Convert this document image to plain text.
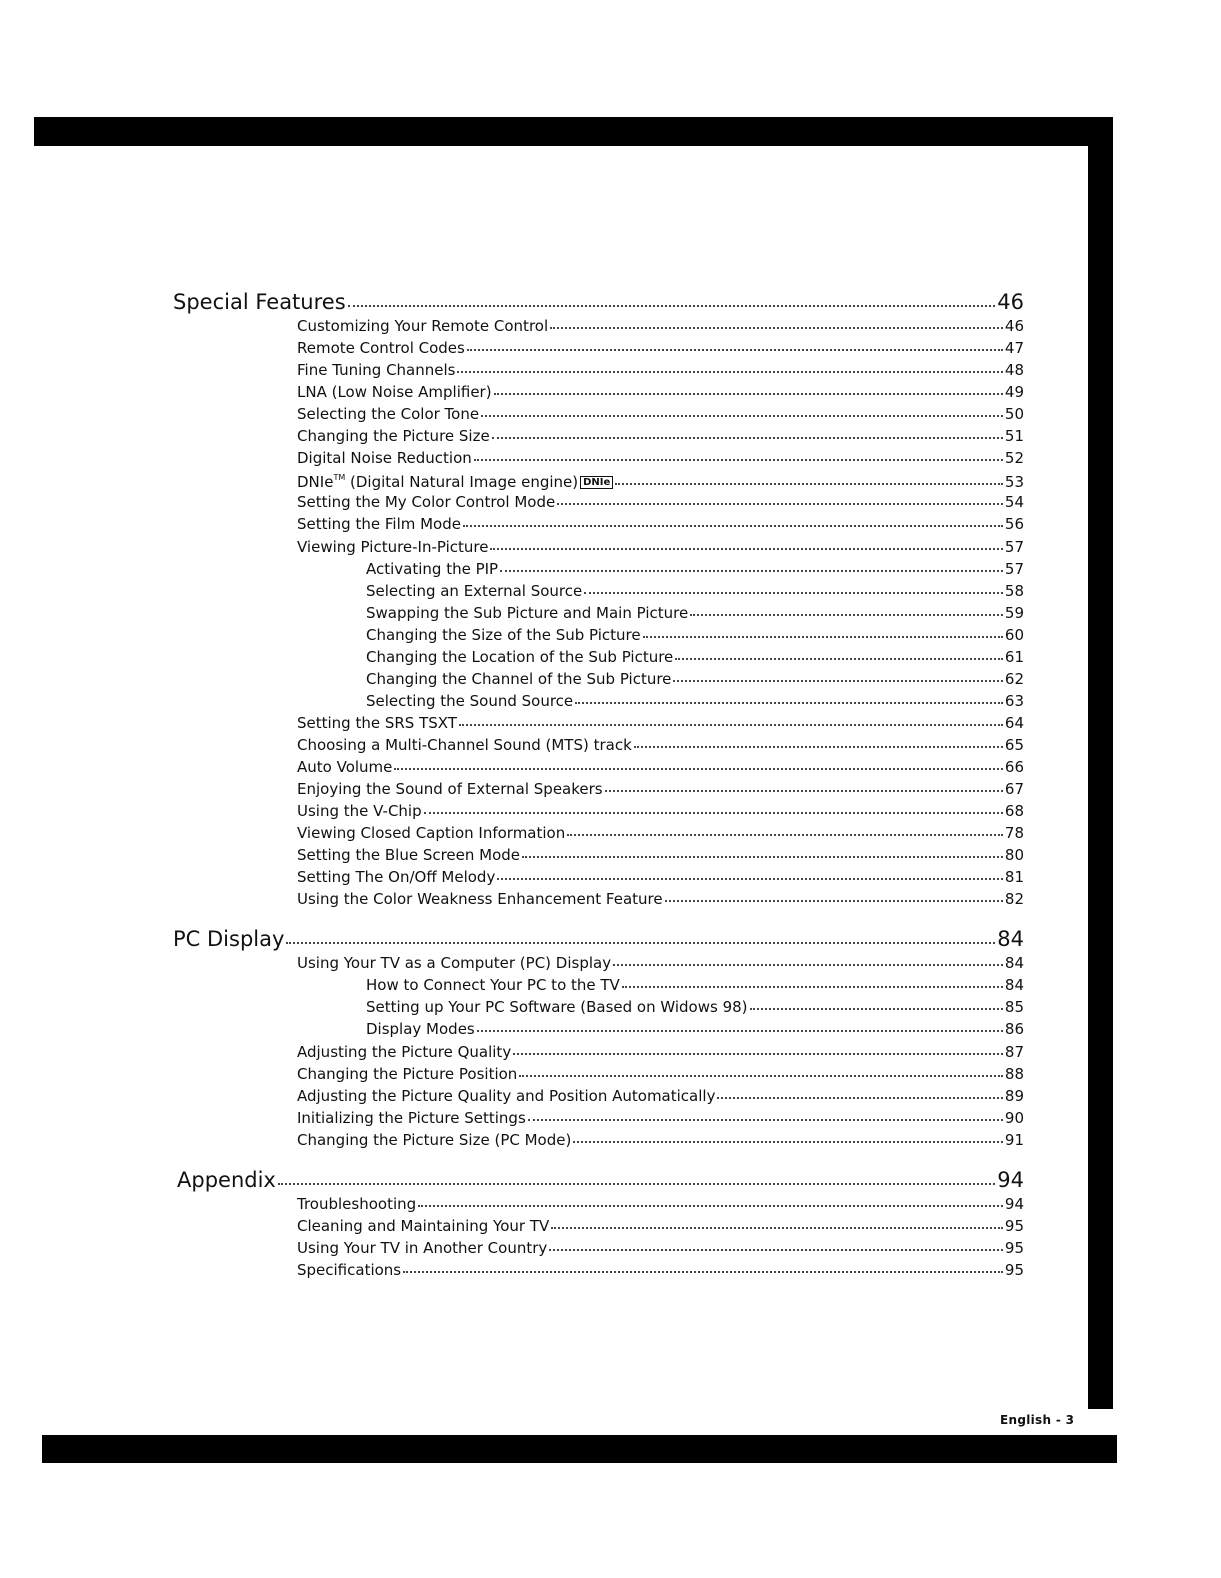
English - 3
Special Features	46
Customizing Your Remote Control	46
Remote Control Codes	47
Fine Tuning Channels	48
LNA (Low Noise Amplifier)	49
Selecting the Color Tone	50
Changing the Picture Size	51
Digital Noise Reduction	52
DNIe™ (Digital Natural Image engine) DNIe	53
Setting the My Color Control Mode	54
Setting the Film Mode	56
Viewing Picture-In-Picture	57
Activating the PIP	57
Selecting an External Source	58
Swapping the Sub Picture and Main Picture	59
Changing the Size of the Sub Picture	60
Changing the Location of the Sub Picture	61
Changing the Channel of the Sub Picture	62
Selecting the Sound Source	63
Setting the SRS TSXT	64
Choosing a Multi-Channel Sound (MTS) track	65
Auto Volume	66
Enjoying the Sound of External Speakers	67
Using the V-Chip	68
Viewing Closed Caption Information	78
Setting the Blue Screen Mode	80
Setting The On/Off Melody	81
Using the Color Weakness Enhancement Feature	82
PC Display	84
Using Your TV as a Computer (PC) Display	84
How to Connect Your PC to the TV	84
Setting up Your PC Software (Based on Widows 98)	85
Display Modes	86
Adjusting the Picture Quality	87
Changing the Picture Position	88
Adjusting the Picture Quality and Position Automatically	89
Initializing the Picture Settings	90
Changing the Picture Size (PC Mode)	91
Appendix	94
Troubleshooting	94
Cleaning and Maintaining Your TV	95
Using Your TV in Another Country	95
Specifications	95
